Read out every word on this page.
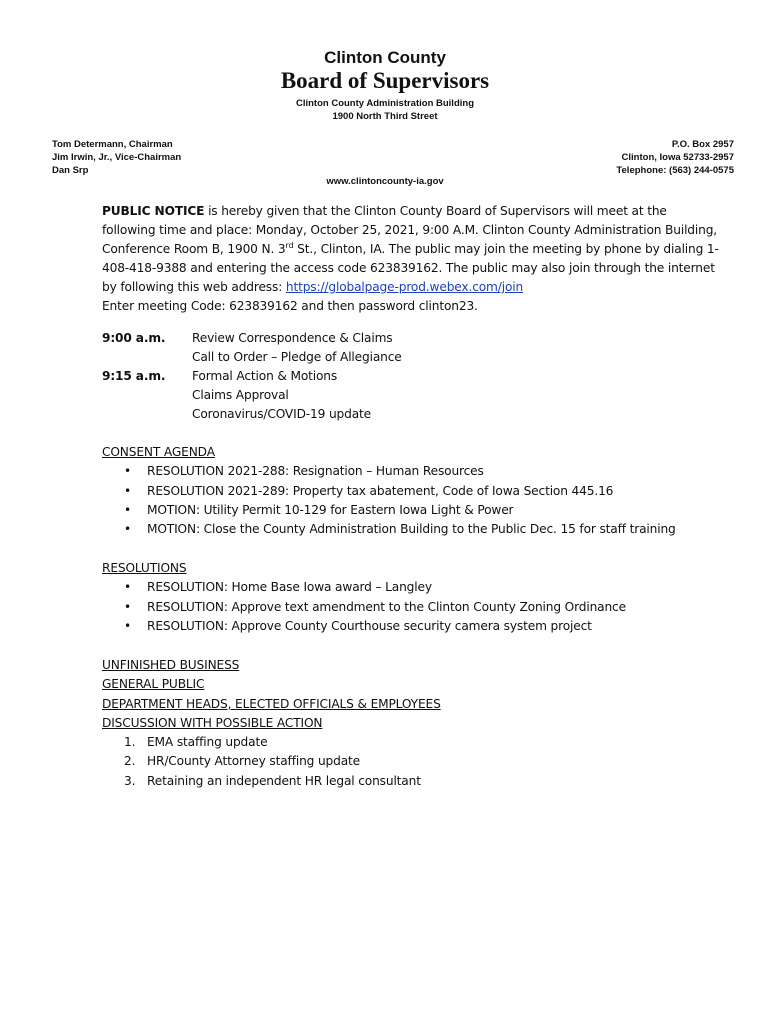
Clinton County
Board of Supervisors
Clinton County Administration Building
1900 North Third Street
Tom Determann, Chairman
Jim Irwin, Jr., Vice-Chairman
Dan Srp
P.O. Box 2957
Clinton, Iowa 52733-2957
Telephone: (563) 244-0575
www.clintoncounty-ia.gov
PUBLIC NOTICE is hereby given that the Clinton County Board of Supervisors will meet at the following time and place: Monday, October 25, 2021, 9:00 A.M. Clinton County Administration Building, Conference Room B, 1900 N. 3rd St., Clinton, IA. The public may join the meeting by phone by dialing 1-408-418-9388 and entering the access code 623839162. The public may also join through the internet by following this web address: https://globalpage-prod.webex.com/join
Enter meeting Code: 623839162 and then password clinton23.
9:00 a.m.	Review Correspondence & Claims
Call to Order – Pledge of Allegiance
9:15 a.m.	Formal Action & Motions
Claims Approval
Coronavirus/COVID-19 update
CONSENT AGENDA
• RESOLUTION 2021-288: Resignation – Human Resources
• RESOLUTION 2021-289: Property tax abatement, Code of Iowa Section 445.16
• MOTION: Utility Permit 10-129 for Eastern Iowa Light & Power
• MOTION: Close the County Administration Building to the Public Dec. 15 for staff training
RESOLUTIONS
• RESOLUTION: Home Base Iowa award – Langley
• RESOLUTION: Approve text amendment to the Clinton County Zoning Ordinance
• RESOLUTION: Approve County Courthouse security camera system project
UNFINISHED BUSINESS
GENERAL PUBLIC
DEPARTMENT HEADS, ELECTED OFFICIALS & EMPLOYEES
DISCUSSION WITH POSSIBLE ACTION
1. EMA staffing update
2. HR/County Attorney staffing update
3. Retaining an independent HR legal consultant
